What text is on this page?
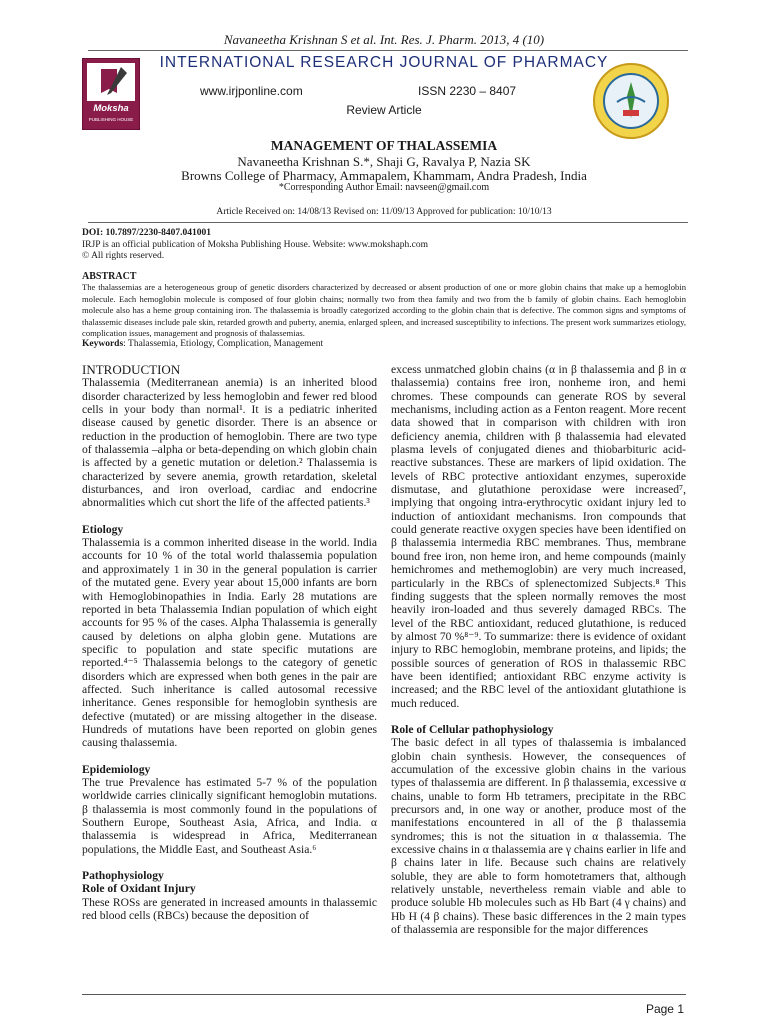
Navaneetha Krishnan S et al. Int. Res. J. Pharm. 2013, 4 (10)
Moksha
PUBLISHING HOUSE
INTERNATIONAL RESEARCH JOURNAL OF PHARMACY
www.irjponline.com	ISSN 2230 – 8407
Review Article
MANAGEMENT OF THALASSEMIA
Navaneetha Krishnan S.*, Shaji G, Ravalya P, Nazia SK
Browns College of Pharmacy, Ammapalem, Khammam, Andra Pradesh, India
*Corresponding Author Email: navseen@gmail.com
Article Received on: 14/08/13 Revised on: 11/09/13 Approved for publication: 10/10/13
DOI: 10.7897/2230-8407.041001
IRJP is an official publication of Moksha Publishing House. Website: www.mokshaph.com
© All rights reserved.
ABSTRACT
The thalassemias are a heterogeneous group of genetic disorders characterized by decreased or absent production of one or more globin chains that make up a hemoglobin molecule. Each hemoglobin molecule is composed of four globin chains; normally two from thea family and two from the b family of globin chains. Each hemoglobin molecule also has a heme group containing iron. The thalassemia is broadly categorized according to the globin chain that is defective. The common signs and symptoms of thalassemic diseases include pale skin, retarded growth and puberty, anemia, enlarged spleen, and increased susceptibility to infections. The present work summarizes etiology, complication issues, management and prognosis of thalassemias.
Keywords: Thalassemia, Etiology, Complication, Management

INTRODUCTION

Thalassemia (Mediterranean anemia) is an inherited blood disorder characterized by less hemoglobin and fewer red blood cells in your body than normal¹. It is a pediatric inherited disease caused by genetic disorder. There is an absence or reduction in the production of hemoglobin. There are two type of thalassemia –alpha or beta-depending on which globin chain is affected by a genetic mutation or deletion.² Thalassemia is characterized by severe anemia, growth retardation, skeletal disturbances, and iron overload, cardiac and endocrine abnormalities which cut short the life of the affected patients.³

Etiology

Thalassemia is a common inherited disease in the world. India accounts for 10 % of the total world thalassemia population and approximately 1 in 30 in the general population is carrier of the mutated gene. Every year about 15,000 infants are born with Hemoglobinopathies in India. Early 28 mutations are reported in beta Thalassemia Indian population of which eight accounts for 95 % of the cases. Alpha Thalassemia is generally caused by deletions on alpha globin gene. Mutations are specific to population and state specific mutations are reported.⁴⁻⁵ Thalassemia belongs to the category of genetic disorders which are expressed when both genes in the pair are affected. Such inheritance is called autosomal recessive inheritance. Genes responsible for hemoglobin synthesis are defective (mutated) or are missing altogether in the disease. Hundreds of mutations have been reported on globin genes causing thalassemia.

Epidemiology

The true Prevalence has estimated 5-7 % of the population worldwide carries clinically significant hemoglobin mutations. β thalassemia is most commonly found in the populations of Southern Europe, Southeast Asia, Africa, and India. α thalassemia is widespread in Africa, Mediterranean populations, the Middle East, and Southeast Asia.⁶

Pathophysiology

Role of Oxidant Injury

These ROSs are generated in increased amounts in thalassemic red blood cells (RBCs) because the deposition of

excess unmatched globin chains (α in β thalassemia and β in α thalassemia) contains free iron, nonheme iron, and hemi chromes. These compounds can generate ROS by several mechanisms, including action as a Fenton reagent. More recent data showed that in comparison with children with iron deficiency anemia, children with β thalassemia had elevated plasma levels of conjugated dienes and thiobarbituric acid-reactive substances. These are markers of lipid oxidation. The levels of RBC protective antioxidant enzymes, superoxide dismutase, and glutathione peroxidase were increased⁷, implying that ongoing intra-erythrocytic oxidant injury led to induction of antioxidant mechanisms. Iron compounds that could generate reactive oxygen species have been identified on β thalassemia intermedia RBC membranes. Thus, membrane bound free iron, non heme iron, and heme compounds (mainly hemichromes and methemoglobin) are very much increased, particularly in the RBCs of splenectomized Subjects.⁸ This finding suggests that the spleen normally removes the most heavily iron-loaded and thus severely damaged RBCs. The level of the RBC antioxidant, reduced glutathione, is reduced by almost 70 %⁸⁻⁹. To summarize: there is evidence of oxidant injury to RBC hemoglobin, membrane proteins, and lipids; the possible sources of generation of ROS in thalassemic RBC have been identified; antioxidant RBC enzyme activity is increased; and the RBC level of the antioxidant glutathione is much reduced.

Role of Cellular pathophysiology

The basic defect in all types of thalassemia is imbalanced globin chain synthesis. However, the consequences of accumulation of the excessive globin chains in the various types of thalassemia are different. In β thalassemia, excessive α chains, unable to form Hb tetramers, precipitate in the RBC precursors and, in one way or another, produce most of the manifestations encountered in all of the β thalassemia syndromes; this is not the situation in α thalassemia. The excessive chains in α thalassemia are γ chains earlier in life and β chains later in life. Because such chains are relatively soluble, they are able to form homotetramers that, although relatively unstable, nevertheless remain viable and able to produce soluble Hb molecules such as Hb Bart (4 γ chains) and Hb H (4 β chains). These basic differences in the 2 main types of thalassemia are responsible for the major differences

Page 1
